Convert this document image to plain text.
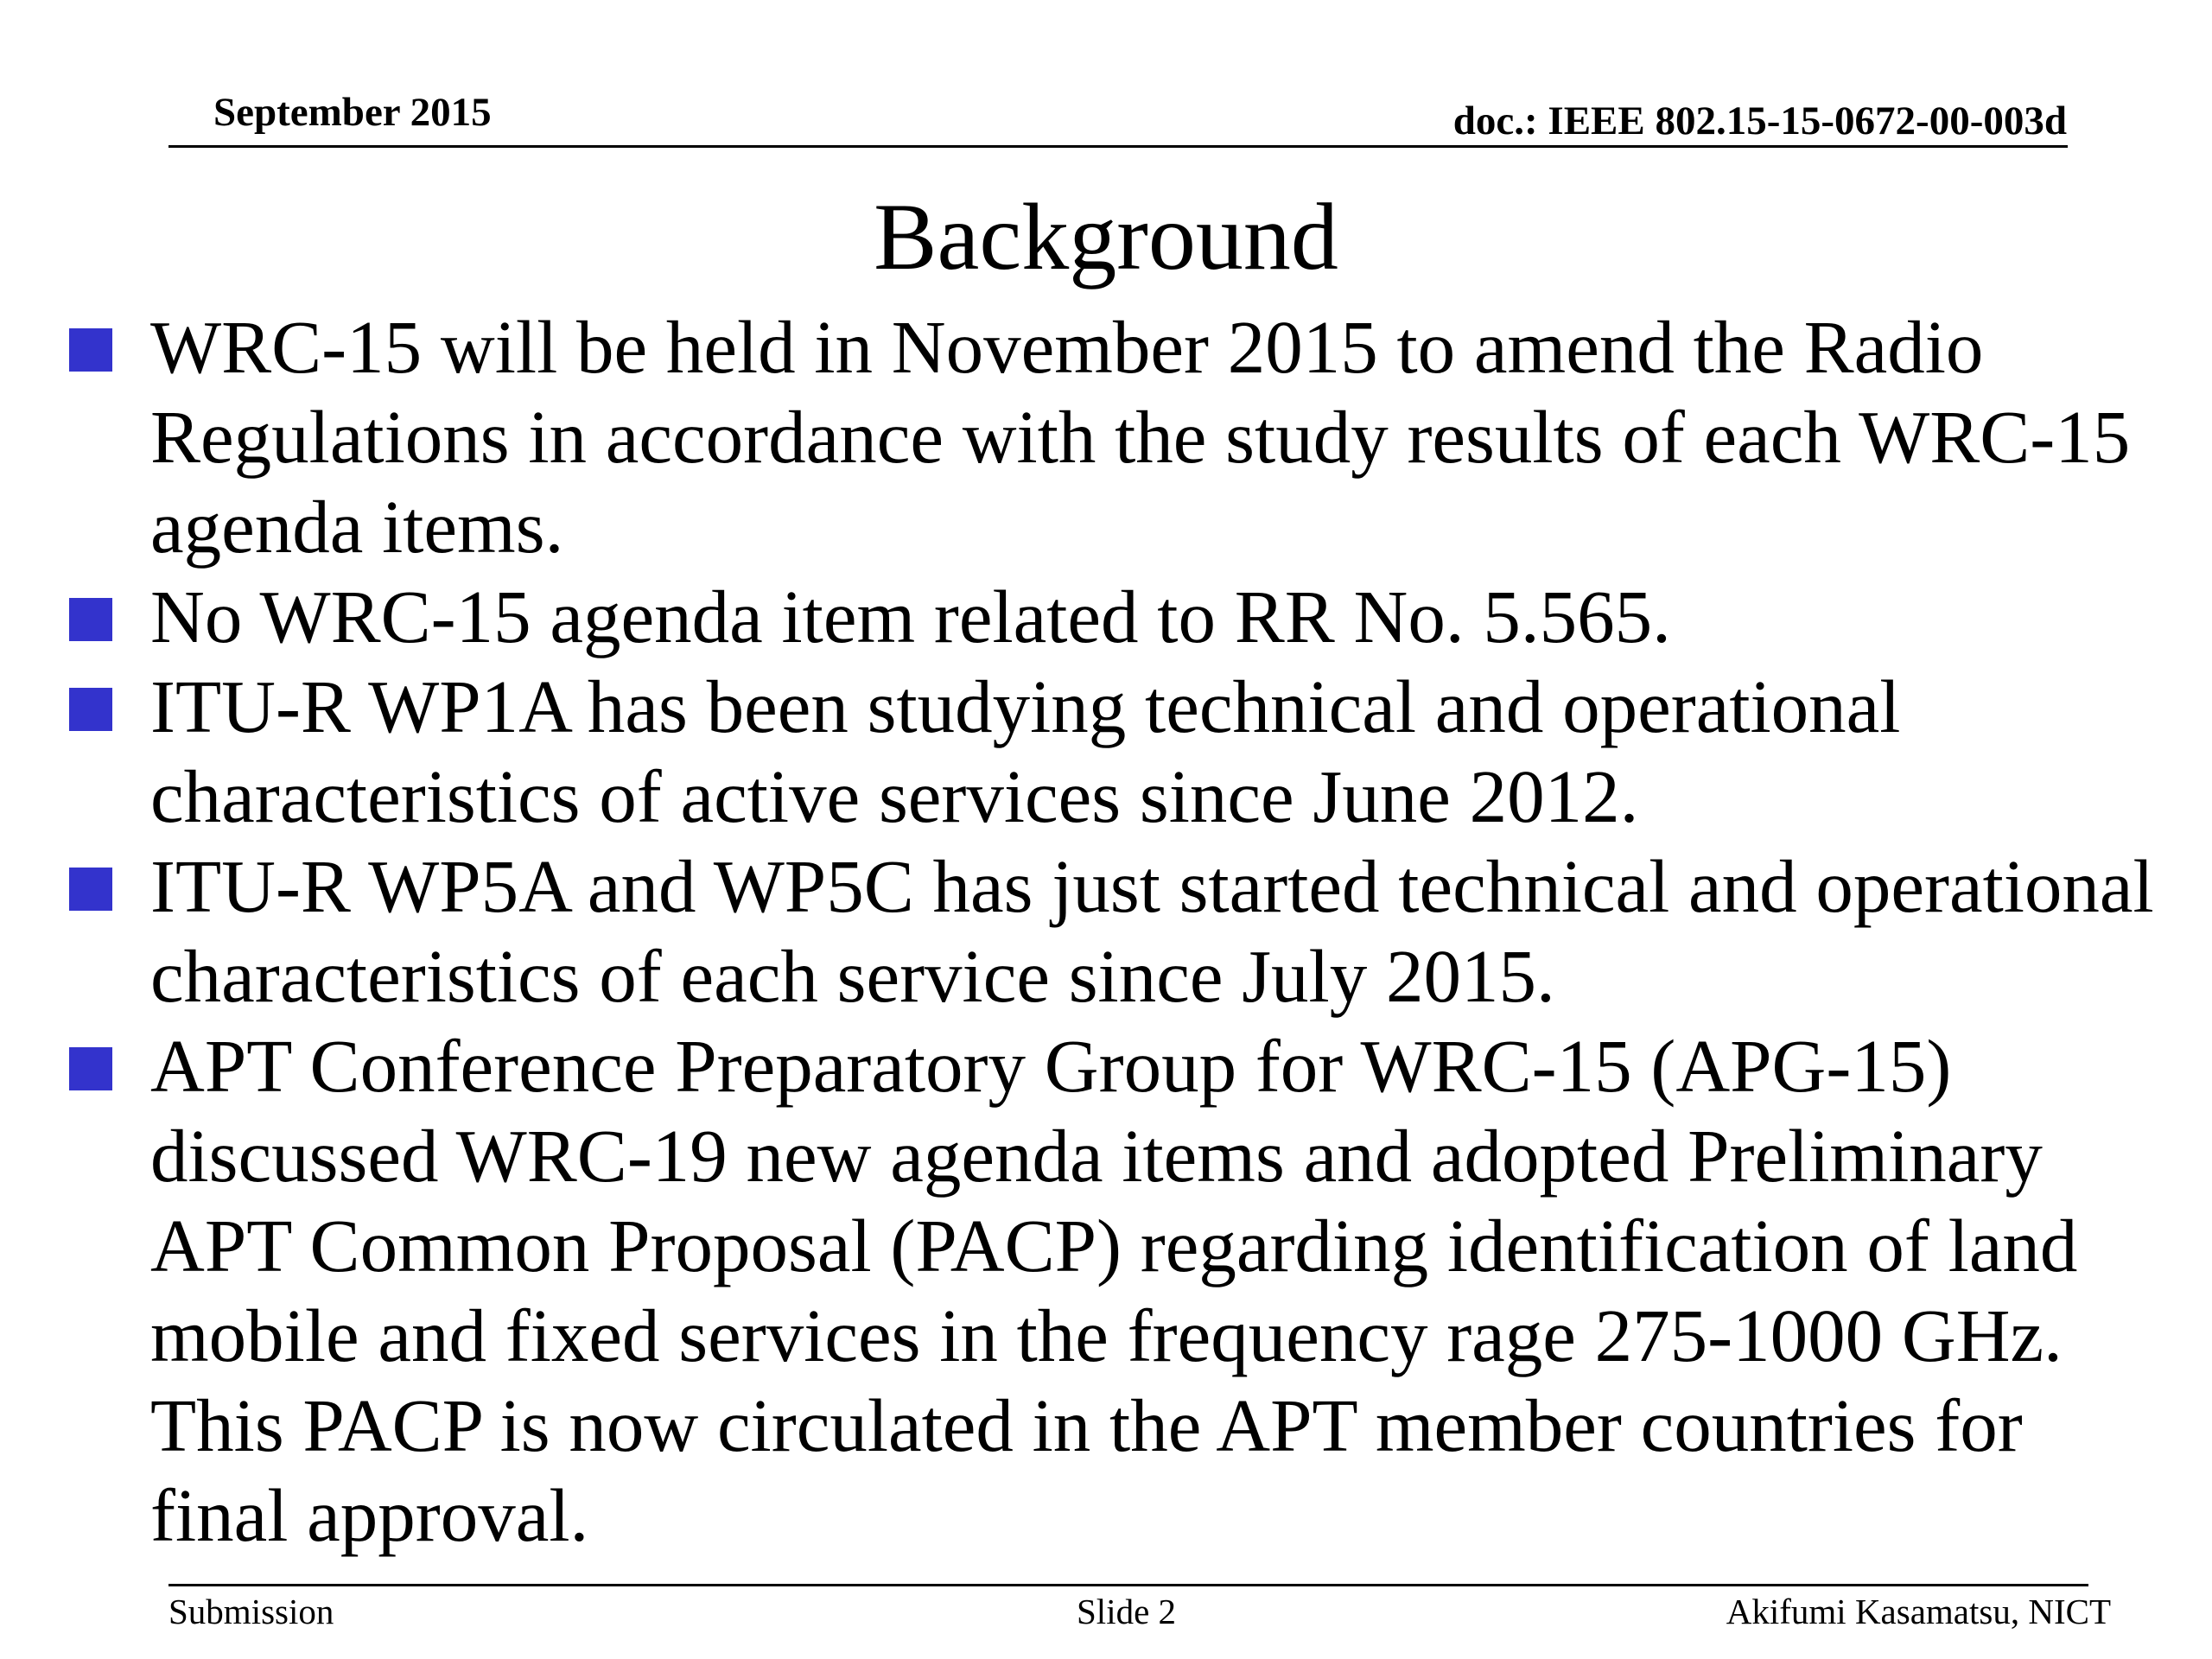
September 2015	doc.: IEEE 802.15-15-0672-00-003d
Background
WRC-15 will be held in November 2015 to amend the Radio Regulations in accordance with the study results of each WRC-15 agenda items.
No WRC-15 agenda item related to RR No. 5.565.
ITU-R WP1A has been studying technical and operational characteristics of active services since June 2012.
ITU-R WP5A and WP5C has just started technical and operational characteristics of each service since July 2015.
APT Conference Preparatory Group for WRC-15 (APG-15) discussed WRC-19 new agenda items and adopted Preliminary APT Common Proposal (PACP) regarding identification of land mobile and fixed services in the frequency rage 275-1000 GHz. This PACP is now circulated in the APT member countries for final approval.
Submission	Slide 2	Akifumi Kasamatsu, NICT
